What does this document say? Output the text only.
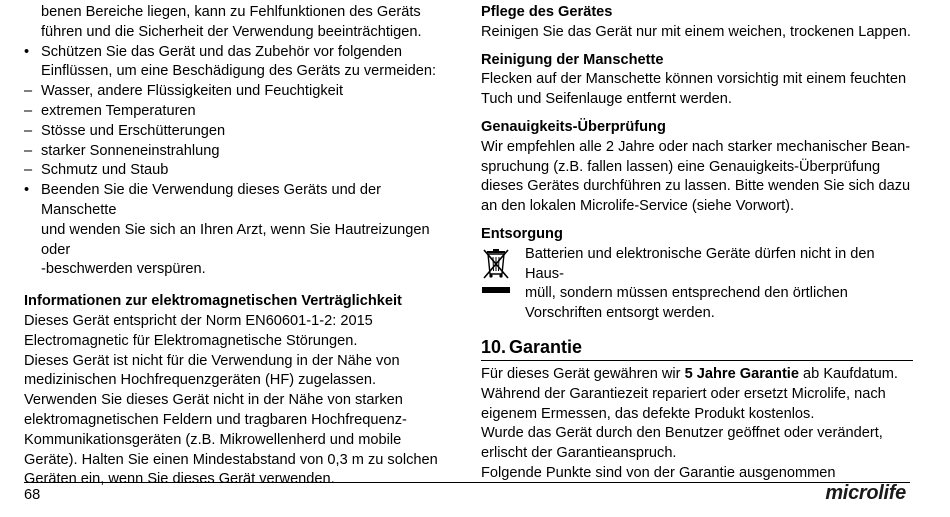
benen Bereiche liegen, kann zu Fehlfunktionen des Geräts

führen und die Sicherheit der Verwendung beeinträchtigen.

• Schützen Sie das Gerät und das Zubehör vor folgenden

Einflüssen, um eine Beschädigung des Geräts zu vermeiden:

– Wasser, andere Flüssigkeiten und Feuchtigkeit
– extremen Temperaturen
– Stösse und Erschütterungen
– starker Sonneneinstrahlung
– Schmutz und Staub

• Beenden Sie die Verwendung dieses Geräts und der Manschette

und wenden Sie sich an Ihren Arzt, wenn Sie Hautreizungen oder

-beschwerden verspüren.

Informationen zur elektromagnetischen Verträglichkeit

Dieses Gerät entspricht der Norm EN60601-1-2: 2015

Electromagnetic für Elektromagnetische Störungen.

Dieses Gerät ist nicht für die Verwendung in der Nähe von

medizinischen Hochfrequenzgeräten (HF) zugelassen.

Verwenden Sie dieses Gerät nicht in der Nähe von starken

elektromagnetischen Feldern und tragbaren Hochfrequenz-

Kommunikationsgeräten (z.B. Mikrowellenherd und mobile

Geräte). Halten Sie einen Mindestabstand von 0,3 m zu solchen

Geräten ein, wenn Sie dieses Gerät verwenden.

Pflege des Gerätes

Reinigen Sie das Gerät nur mit einem weichen, trockenen Lappen.

Reinigung der Manschette

Flecken auf der Manschette können vorsichtig mit einem feuchten

Tuch und Seifenlauge entfernt werden.

Genauigkeits-Überprüfung

Wir empfehlen alle 2 Jahre oder nach starker mechanischer Bean-

spruchung (z.B. fallen lassen) eine Genauigkeits-Überprüfung

dieses Gerätes durchführen zu lassen. Bitte wenden Sie sich dazu

an den lokalen Microlife-Service (siehe Vorwort).

Entsorgung

Batterien und elektronische Geräte dürfen nicht in den Haus-

müll, sondern müssen entsprechend den örtlichen

Vorschriften entsorgt werden.

10. Garantie

Für dieses Gerät gewähren wir 5 Jahre Garantie ab Kaufdatum.

Während der Garantiezeit repariert oder ersetzt Microlife, nach

eigenem Ermessen, das defekte Produkt kostenlos.

Wurde das Gerät durch den Benutzer geöffnet oder verändert,

erlischt der Garantieanspruch.

Folgende Punkte sind von der Garantie ausgenommen

68	microlife
